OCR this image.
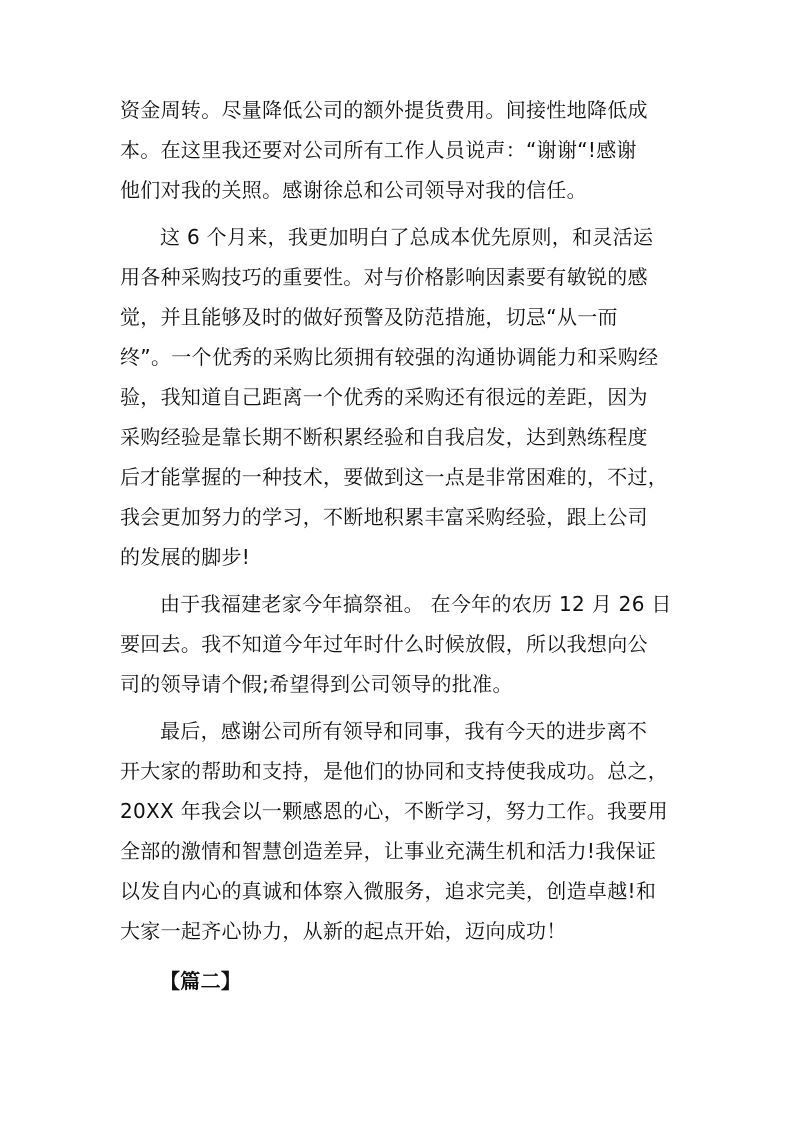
资金周转。尽量降低公司的额外提货费用。间接性地降低成
本。在这里我还要对公司所有工作人员说声：“谢谢“!感谢
他们对我的关照。感谢徐总和公司领导对我的信任。
这 6 个月来，我更加明白了总成本优先原则，和灵活运
用各种采购技巧的重要性。对与价格影响因素要有敏锐的感
觉，并且能够及时的做好预警及防范措施，切忌“从一而
终”。一个优秀的采购比须拥有较强的沟通协调能力和采购经
验，我知道自己距离一个优秀的采购还有很远的差距，因为
采购经验是靠长期不断积累经验和自我启发，达到熟练程度
后才能掌握的一种技术，要做到这一点是非常困难的，不过，
我会更加努力的学习，不断地积累丰富采购经验，跟上公司
的发展的脚步!
由于我福建老家今年搞祭祖。 在今年的农历 12 月 26 日
要回去。我不知道今年过年时什么时候放假，所以我想向公
司的领导请个假;希望得到公司领导的批准。
最后，感谢公司所有领导和同事，我有今天的进步离不
开大家的帮助和支持，是他们的协同和支持使我成功。总之，
20XX 年我会以一颗感恩的心，不断学习，努力工作。我要用
全部的激情和智慧创造差异，让事业充满生机和活力!我保证
以发自内心的真诚和体察入微服务，追求完美，创造卓越!和
大家一起齐心协力，从新的起点开始，迈向成功！
【篇二】
